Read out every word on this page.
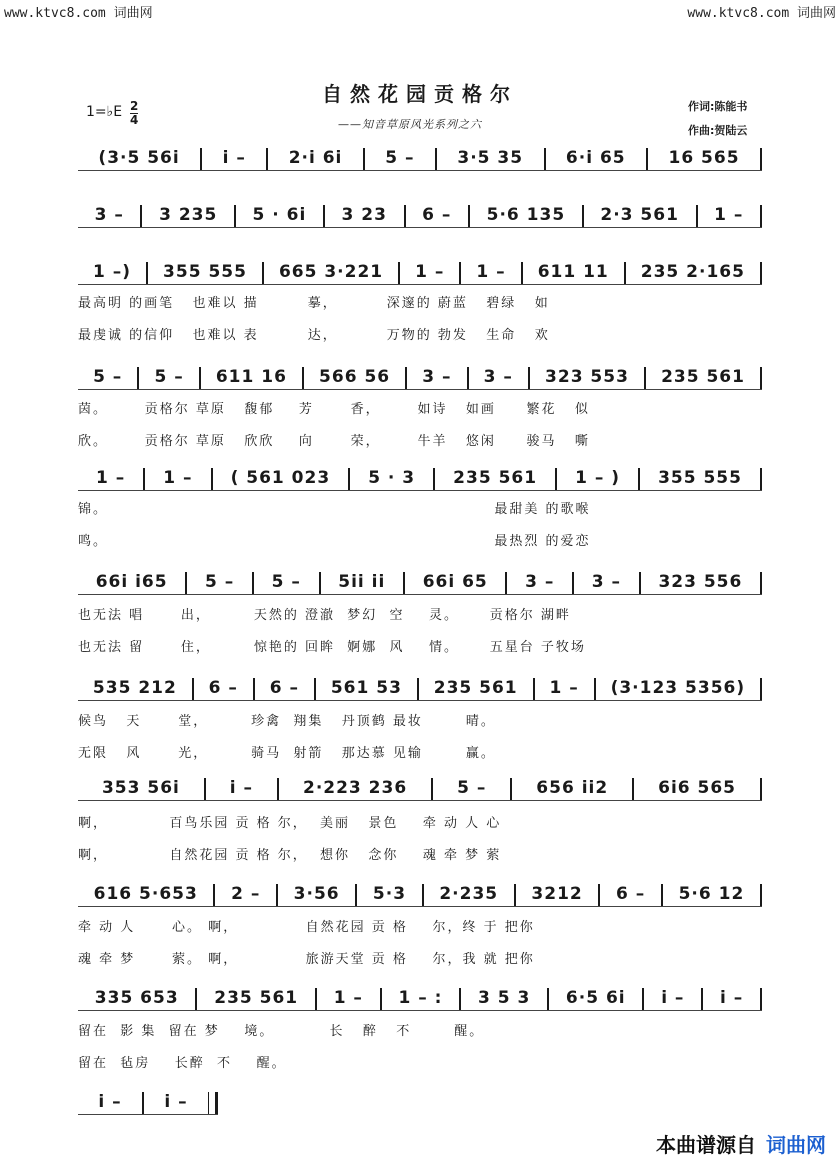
www.ktvc8.com 词曲网	www.ktvc8.com 词曲网
自然花园贡格尔
——知音草原风光系列之六
1=♭E 2
4
作词:陈能书
作曲:贺陆云
(3·5 56i	i –	2·i 6i	5 –	3·5 35	6·i 65	16 565
3 –	3 235	5 · 6i	3 23	6 –	5·6 135	2·3 561	1 –
1 –)	355 555	665 3·221	1 –	1 –	611 11	235 2·165
5 –	5 –	611 16	566 56	3 –	3 –	323 553	235 561
1 –	1 –	( 561 023	5 · 3	235 561	1 – )	355 555
66i i65	5 –	5 –	5ii ii	66i 65	3 –	3 –	323 556
535 212	6 –	6 –	561 53	235 561	1 –	(3·123 5356)
353 56i	i –	2·223 236	5 –	656 ii2	6i6 565
616 5·653	2 –	3·56	5·3	2·235	3212	6 –	5·6 12
335 653	235 561	1 –	1 – :	3 5 3	6·5 6i	i –	i –
i –	i –
最高明 的画笔   也难以 描        摹，        深邃的 蔚蓝   碧绿   如
最虔诚 的信仰   也难以 表        达，        万物的 勃发   生命   欢
茵。      贡格尔 草原   馥郁    芳      香，      如诗   如画     繁花   似
欣。      贡格尔 草原   欣欣    向      荣，      牛羊   悠闲     骏马   嘶
锦。                                                               最甜美 的歌喉
鸣。                                                               最热烈 的爱恋
也无法 唱      出，       天然的 澄澈  梦幻  空    灵。     贡格尔 湖畔
也无法 留      住，       惊艳的 回眸  婀娜  风    情。     五星台 子牧场
候鸟   天      堂，       珍禽  翔集   丹顶鹤 最妆       晴。
无限   风      光，       骑马  射箭   那达慕 见输       赢。
啊，          百鸟乐园 贡 格 尔，  美丽   景色    牵 动 人 心
啊，          自然花园 贡 格 尔，  想你   念你    魂 牵 梦 萦
牵 动 人      心。 啊，           自然花园 贡 格    尔，终 于 把你
魂 牵 梦      萦。 啊，           旅游天堂 贡 格    尔，我 就 把你
留在  影 集  留在 梦    境。         长   醉   不       醒。
留在  毡房    长醉  不    醒。
本曲谱源自 词曲网
